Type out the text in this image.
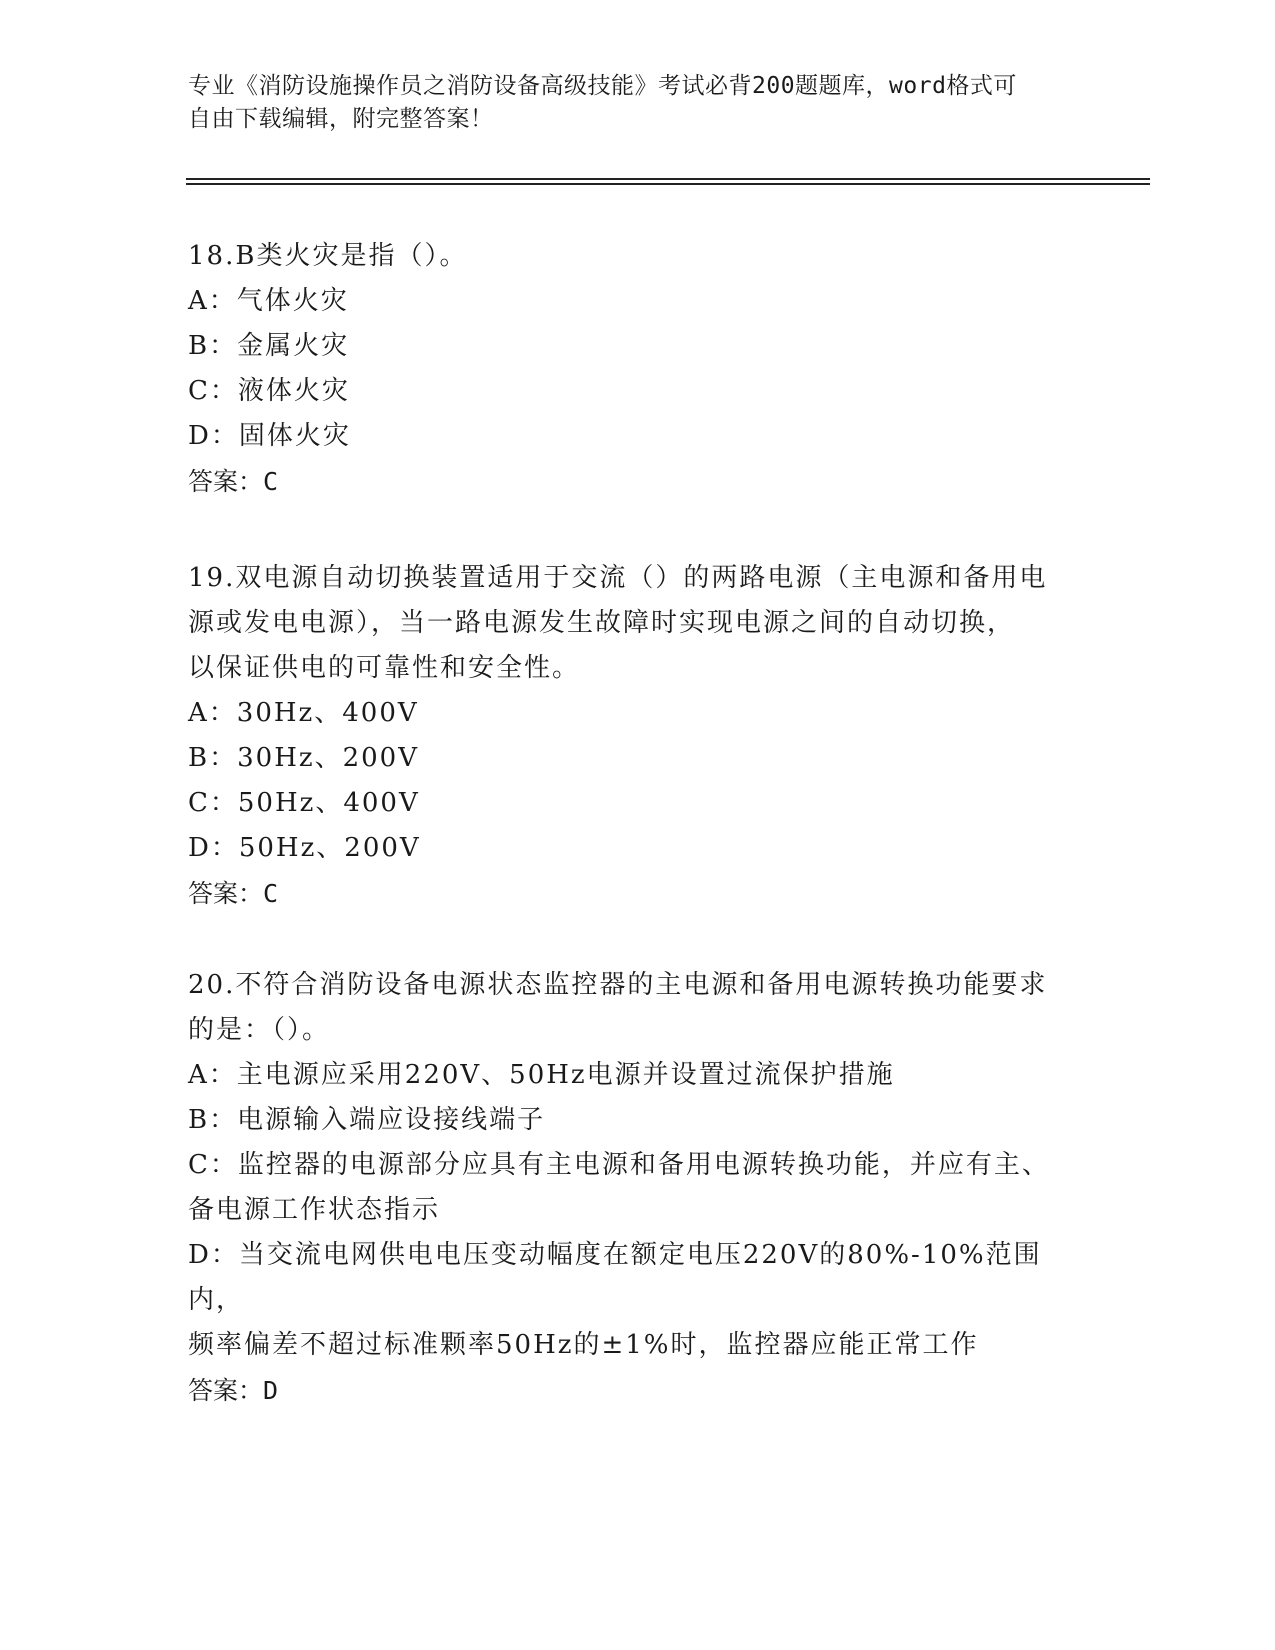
专业《消防设施操作员之消防设备高级技能》考试必背200题题库，word格式可
自由下载编辑，附完整答案！
18.B类火灾是指（）。
A：气体火灾
B：金属火灾
C：液体火灾
D：固体火灾
答案：C
19.双电源自动切换装置适用于交流（）的两路电源（主电源和备用电
源或发电电源），当一路电源发生故障时实现电源之间的自动切换，
以保证供电的可靠性和安全性。
A：30Hz、400V
B：30Hz、200V
C：50Hz、400V
D：50Hz、200V
答案：C
20.不符合消防设备电源状态监控器的主电源和备用电源转换功能要求
的是：（）。
A：主电源应采用220V、50Hz电源并设置过流保护措施
B：电源输入端应设接线端子
C：监控器的电源部分应具有主电源和备用电源转换功能，并应有主、
备电源工作状态指示
D：当交流电网供电电压变动幅度在额定电压220V的80%-10%范围内，
频率偏差不超过标准颗率50Hz的±1%时，监控器应能正常工作
答案：D
